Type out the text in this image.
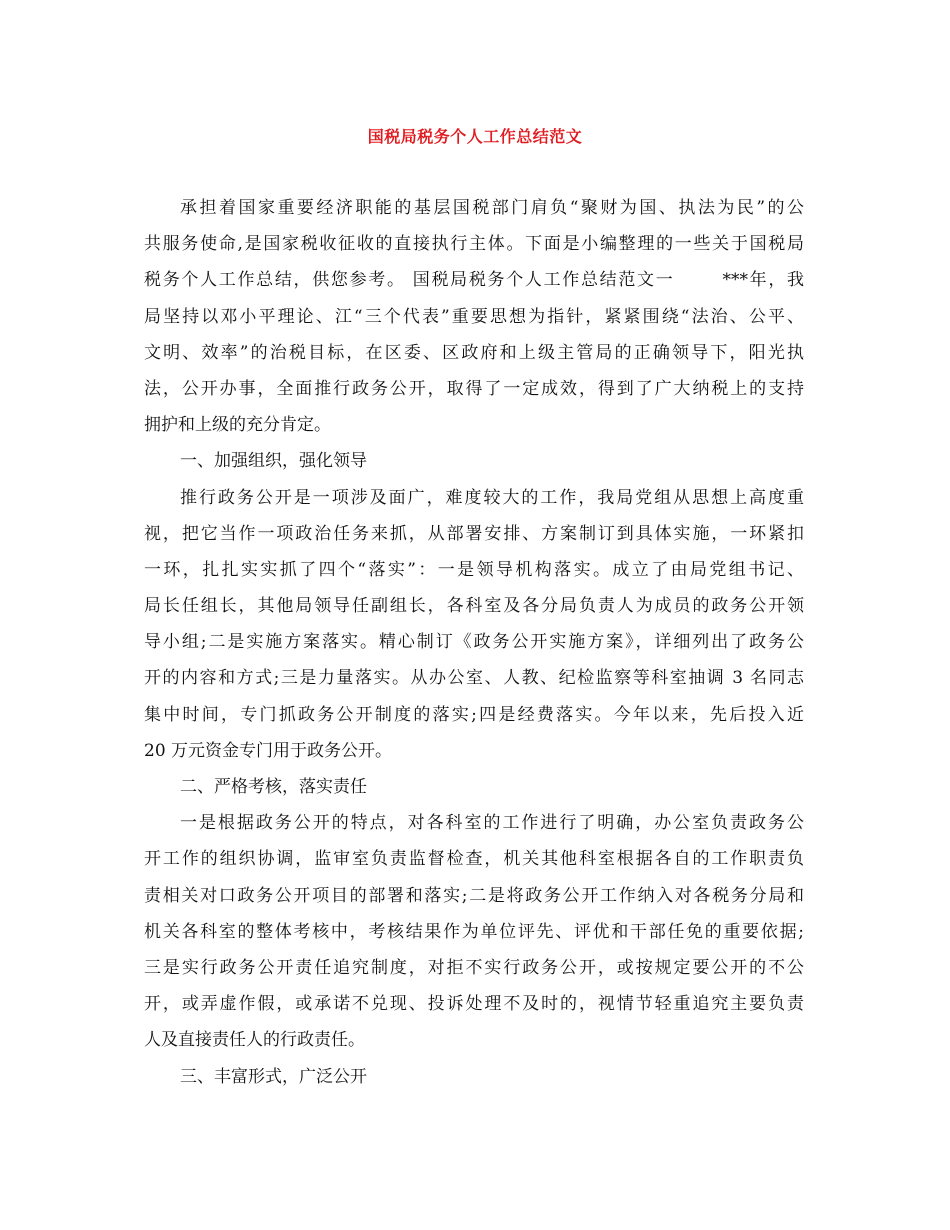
国税局税务个人工作总结范文
承担着国家重要经济职能的基层国税部门肩负“聚财为国、执法为民”的公
共服务使命,是国家税收征收的直接执行主体。下面是小编整理的一些关于国税局
税务个人工作总结，供您参考。 国税局税务个人工作总结范文一	***年，我
局坚持以邓小平理论、江“三个代表”重要思想为指针，紧紧围绕“法治、公平、
文明、效率”的治税目标，在区委、区政府和上级主管局的正确领导下，阳光执
法，公开办事，全面推行政务公开，取得了一定成效，得到了广大纳税上的支持
拥护和上级的充分肯定。
一、加强组织，强化领导
推行政务公开是一项涉及面广，难度较大的工作，我局党组从思想上高度重
视，把它当作一项政治任务来抓，从部署安排、方案制订到具体实施，一环紧扣
一环，扎扎实实抓了四个“落实”：一是领导机构落实。成立了由局党组书记、
局长任组长，其他局领导任副组长，各科室及各分局负责人为成员的政务公开领
导小组;二是实施方案落实。精心制订《政务公开实施方案》，详细列出了政务公
开的内容和方式;三是力量落实。从办公室、人教、纪检监察等科室抽调 3 名同志
集中时间，专门抓政务公开制度的落实;四是经费落实。今年以来，先后投入近
20 万元资金专门用于政务公开。
二、严格考核，落实责任
一是根据政务公开的特点，对各科室的工作进行了明确，办公室负责政务公
开工作的组织协调，监审室负责监督检查，机关其他科室根据各自的工作职责负
责相关对口政务公开项目的部署和落实;二是将政务公开工作纳入对各税务分局和
机关各科室的整体考核中，考核结果作为单位评先、评优和干部任免的重要依据;
三是实行政务公开责任追究制度，对拒不实行政务公开，或按规定要公开的不公
开，或弄虚作假，或承诺不兑现、投诉处理不及时的，视情节轻重追究主要负责
人及直接责任人的行政责任。
三、丰富形式，广泛公开
